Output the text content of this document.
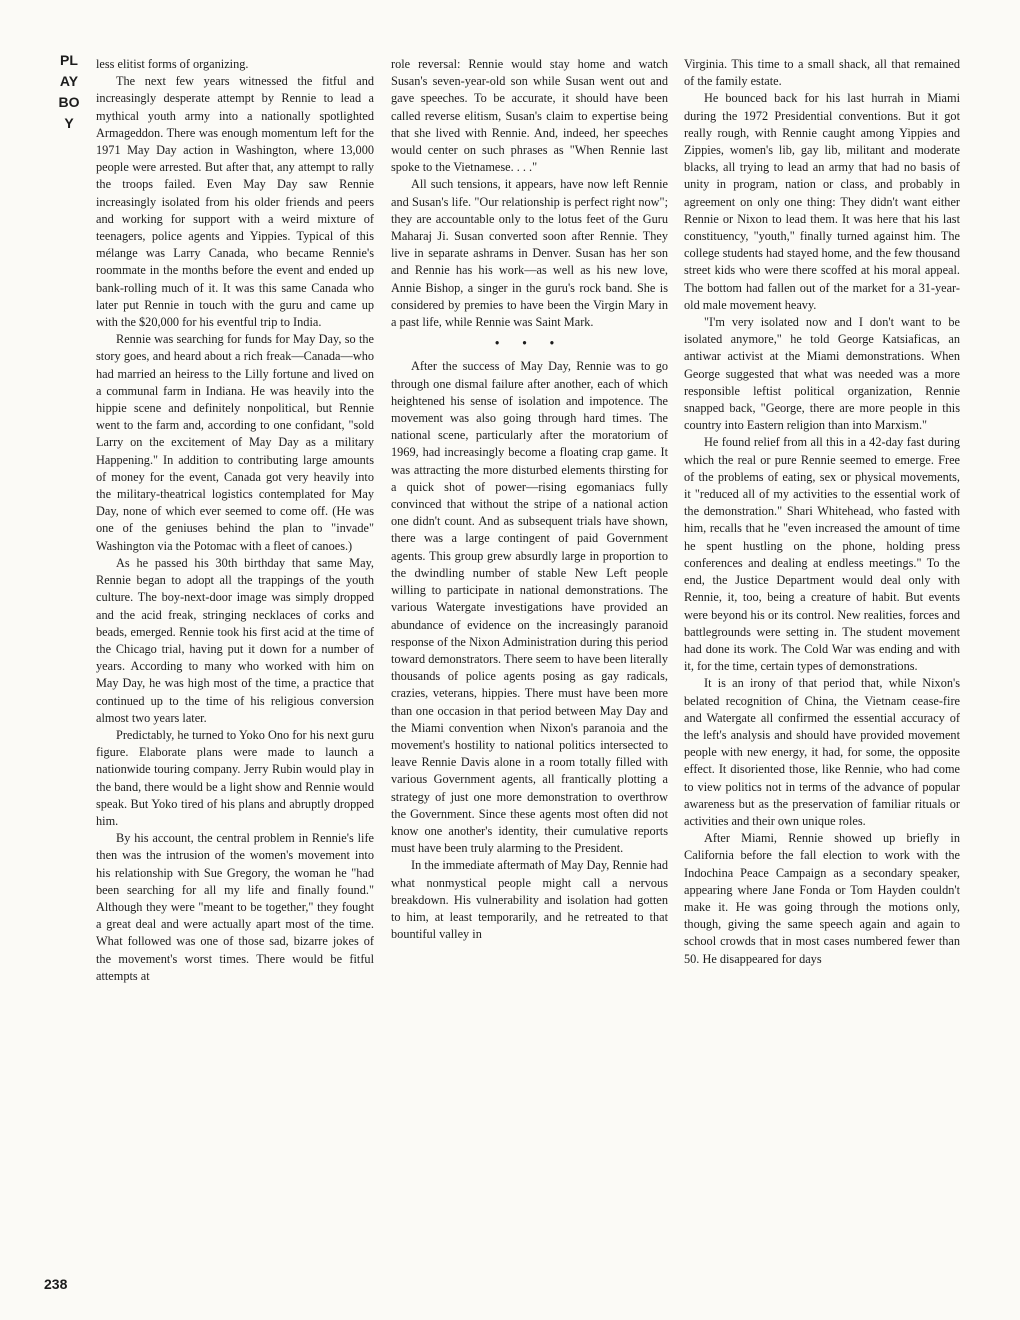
PLAYBOY

less elitist forms of organizing.

The next few years witnessed the fitful and increasingly desperate attempt by Rennie to lead a mythical youth army into a nationally spotlighted Armageddon. There was enough momentum left for the 1971 May Day action in Washington, where 13,000 people were arrested. But after that, any attempt to rally the troops failed. Even May Day saw Rennie increasingly isolated from his older friends and peers and working for support with a weird mixture of teenagers, police agents and Yippies. Typical of this mélange was Larry Canada, who became Rennie's roommate in the months before the event and ended up bank-rolling much of it. It was this same Canada who later put Rennie in touch with the guru and came up with the $20,000 for his eventful trip to India.

Rennie was searching for funds for May Day, so the story goes, and heard about a rich freak—Canada—who had married an heiress to the Lilly fortune and lived on a communal farm in Indiana. He was heavily into the hippie scene and definitely nonpolitical, but Rennie went to the farm and, according to one confidant, "sold Larry on the excitement of May Day as a military Happening." In addition to contributing large amounts of money for the event, Canada got very heavily into the military-theatrical logistics contemplated for May Day, none of which ever seemed to come off. (He was one of the geniuses behind the plan to "invade" Washington via the Potomac with a fleet of canoes.)

As he passed his 30th birthday that same May, Rennie began to adopt all the trappings of the youth culture. The boy-next-door image was simply dropped and the acid freak, stringing necklaces of corks and beads, emerged. Rennie took his first acid at the time of the Chicago trial, having put it down for a number of years. According to many who worked with him on May Day, he was high most of the time, a practice that continued up to the time of his religious conversion almost two years later.

Predictably, he turned to Yoko Ono for his next guru figure. Elaborate plans were made to launch a nationwide touring company. Jerry Rubin would play in the band, there would be a light show and Rennie would speak. But Yoko tired of his plans and abruptly dropped him.

By his account, the central problem in Rennie's life then was the intrusion of the women's movement into his relationship with Sue Gregory, the woman he "had been searching for all my life and finally found." Although they were "meant to be together," they fought a great deal and were actually apart most of the time. What followed was one of those sad, bizarre jokes of the movement's worst times. There would be fitful attempts at

role reversal: Rennie would stay home and watch Susan's seven-year-old son while Susan went out and gave speeches. To be accurate, it should have been called reverse elitism, Susan's claim to expertise being that she lived with Rennie. And, indeed, her speeches would center on such phrases as "When Rennie last spoke to the Vietnamese. . . ."

All such tensions, it appears, have now left Rennie and Susan's life. "Our relationship is perfect right now"; they are accountable only to the lotus feet of the Guru Maharaj Ji. Susan converted soon after Rennie. They live in separate ashrams in Denver. Susan has her son and Rennie has his work—as well as his new love, Annie Bishop, a singer in the guru's rock band. She is considered by premies to have been the Virgin Mary in a past life, while Rennie was Saint Mark.

• • •

After the success of May Day, Rennie was to go through one dismal failure after another, each of which heightened his sense of isolation and impotence. The movement was also going through hard times. The national scene, particularly after the moratorium of 1969, had increasingly become a floating crap game. It was attracting the more disturbed elements thirsting for a quick shot of power—rising egomaniacs fully convinced that without the stripe of a national action one didn't count. And as subsequent trials have shown, there was a large contingent of paid Government agents. This group grew absurdly large in proportion to the dwindling number of stable New Left people willing to participate in national demonstrations. The various Watergate investigations have provided an abundance of evidence on the increasingly paranoid response of the Nixon Administration during this period toward demonstrators. There seem to have been literally thousands of police agents posing as gay radicals, crazies, veterans, hippies. There must have been more than one occasion in that period between May Day and the Miami convention when Nixon's paranoia and the movement's hostility to national politics intersected to leave Rennie Davis alone in a room totally filled with various Government agents, all frantically plotting a strategy of just one more demonstration to overthrow the Government. Since these agents most often did not know one another's identity, their cumulative reports must have been truly alarming to the President.

In the immediate aftermath of May Day, Rennie had what nonmystical people might call a nervous breakdown. His vulnerability and isolation had gotten to him, at least temporarily, and he retreated to that bountiful valley in

Virginia. This time to a small shack, all that remained of the family estate.

He bounced back for his last hurrah in Miami during the 1972 Presidential conventions. But it got really rough, with Rennie caught among Yippies and Zippies, women's lib, gay lib, militant and moderate blacks, all trying to lead an army that had no basis of unity in program, nation or class, and probably in agreement on only one thing: They didn't want either Rennie or Nixon to lead them. It was here that his last constituency, "youth," finally turned against him. The college students had stayed home, and the few thousand street kids who were there scoffed at his moral appeal. The bottom had fallen out of the market for a 31-year-old male movement heavy.

"I'm very isolated now and I don't want to be isolated anymore," he told George Katsiaficas, an antiwar activist at the Miami demonstrations. When George suggested that what was needed was a more responsible leftist political organization, Rennie snapped back, "George, there are more people in this country into Eastern religion than into Marxism."

He found relief from all this in a 42-day fast during which the real or pure Rennie seemed to emerge. Free of the problems of eating, sex or physical movements, it "reduced all of my activities to the essential work of the demonstration." Shari Whitehead, who fasted with him, recalls that he "even increased the amount of time he spent hustling on the phone, holding press conferences and dealing at endless meetings." To the end, the Justice Department would deal only with Rennie, it, too, being a creature of habit. But events were beyond his or its control. New realities, forces and battlegrounds were setting in. The student movement had done its work. The Cold War was ending and with it, for the time, certain types of demonstrations.

It is an irony of that period that, while Nixon's belated recognition of China, the Vietnam cease-fire and Watergate all confirmed the essential accuracy of the left's analysis and should have provided movement people with new energy, it had, for some, the opposite effect. It disoriented those, like Rennie, who had come to view politics not in terms of the advance of popular awareness but as the preservation of familiar rituals or activities and their own unique roles.

After Miami, Rennie showed up briefly in California before the fall election to work with the Indochina Peace Campaign as a secondary speaker, appearing where Jane Fonda or Tom Hayden couldn't make it. He was going through the motions only, though, giving the same speech again and again to school crowds that in most cases numbered fewer than 50. He disappeared for days

238
